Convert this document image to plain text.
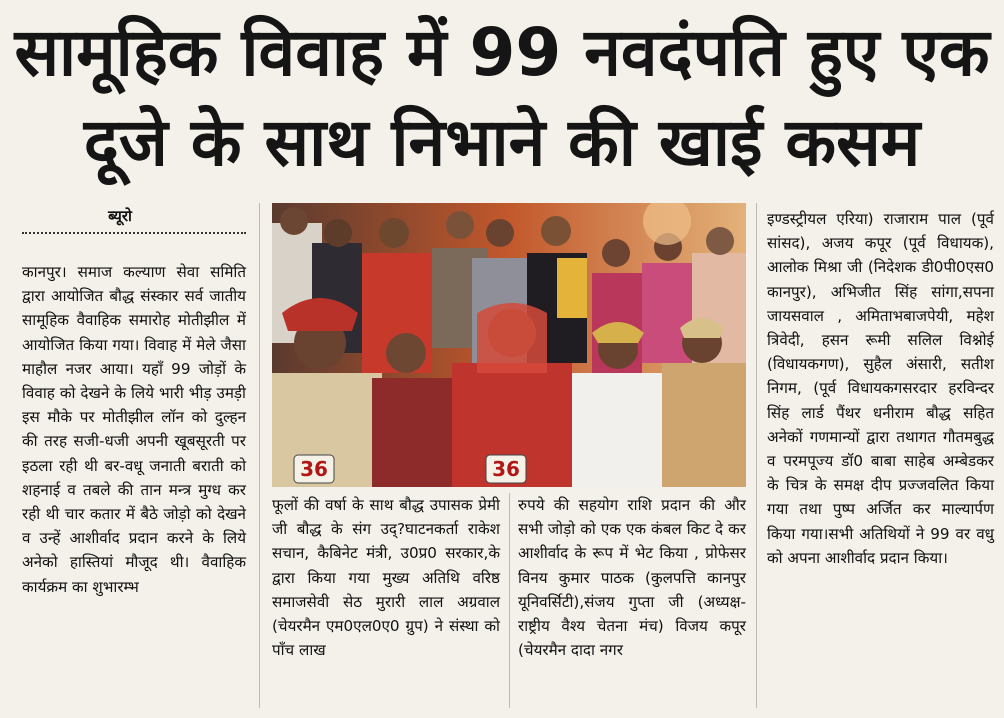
सामूहिक विवाह में 99 नवदंपति हुए एक
दूजे के साथ निभाने की खाई कसम
ब्यूरो

कानपुर। समाज कल्याण सेवा समिति द्वारा आयोजित बौद्ध संस्कार सर्व जातीय सामूहिक वैवाहिक समारोह मोतीझील में आयोजित किया गया। विवाह में मेले जैसा माहौल नजर आया। यहाँ 99 जोड़ों के विवाह को देखने के लिये भारी भीड़ उमड़ी इस मौके पर मोतीझील लॉन को दुल्हन की तरह सजी-धजी अपनी खूबसूरती पर इठला रही थी बर-वधू जनाती बराती को शहनाई व तबले की तान मन्त्र मुग्ध कर रही थी चार कतार में बैठे जोड़ो को देखने व उन्हें आशीर्वाद प्रदान करने के लिये अनेको हास्तियां मौजूद थी। वैवाहिक कार्यक्रम का शुभारम्भ

36	36

फूलों की वर्षा के साथ बौद्ध उपासक प्रेमी जी बौद्ध के संग उद्?घाटनकर्ता राकेश सचान, कैबिनेट मंत्री, उ0प्र0 सरकार,के द्वारा किया गया मुख्य अतिथि वरिष्ठ समाजसेवी सेठ मुरारी लाल अग्रवाल (चेयरमैन एम0एल0ए0 ग्रुप) ने संस्था को पाँच लाख

रुपये की सहयोग राशि प्रदान की और सभी जोड़ो को एक एक कंबल किट दे कर आशीर्वाद के रूप में भेट किया , प्रोफेसर विनय कुमार पाठक (कुलपत्ति कानपुर यूनिवर्सिटी),संजय गुप्ता जी (अध्यक्ष- राष्ट्रीय वैश्य चेतना मंच) विजय कपूर (चेयरमैन दादा नगर

इण्डस्ट्रीयल एरिया) राजाराम पाल (पूर्व सांसद), अजय कपूर (पूर्व विधायक), आलोक मिश्रा जी (निदेशक डी0पी0एस0 कानपुर), अभिजीत सिंह सांगा,सपना जायसवाल , अमिताभबाजपेयी, महेश त्रिवेदी, हसन रूमी सलिल विश्नोई (विधायकगण), सुहैल अंसारी, सतीश निगम, (पूर्व विधायकगसरदार हरविन्दर सिंह लार्ड पैंथर धनीराम बौद्ध सहित अनेकों गणमान्यों द्वारा तथागत गौतमबुद्ध व परमपूज्य डॉ0 बाबा साहेब अम्बेडकर के चित्र के समक्ष दीप प्रज्जवलित किया गया तथा पुष्प अर्जित कर माल्यार्पण किया गया।सभी अतिथियों ने 99 वर वधु को अपना आशीर्वाद प्रदान किया।
